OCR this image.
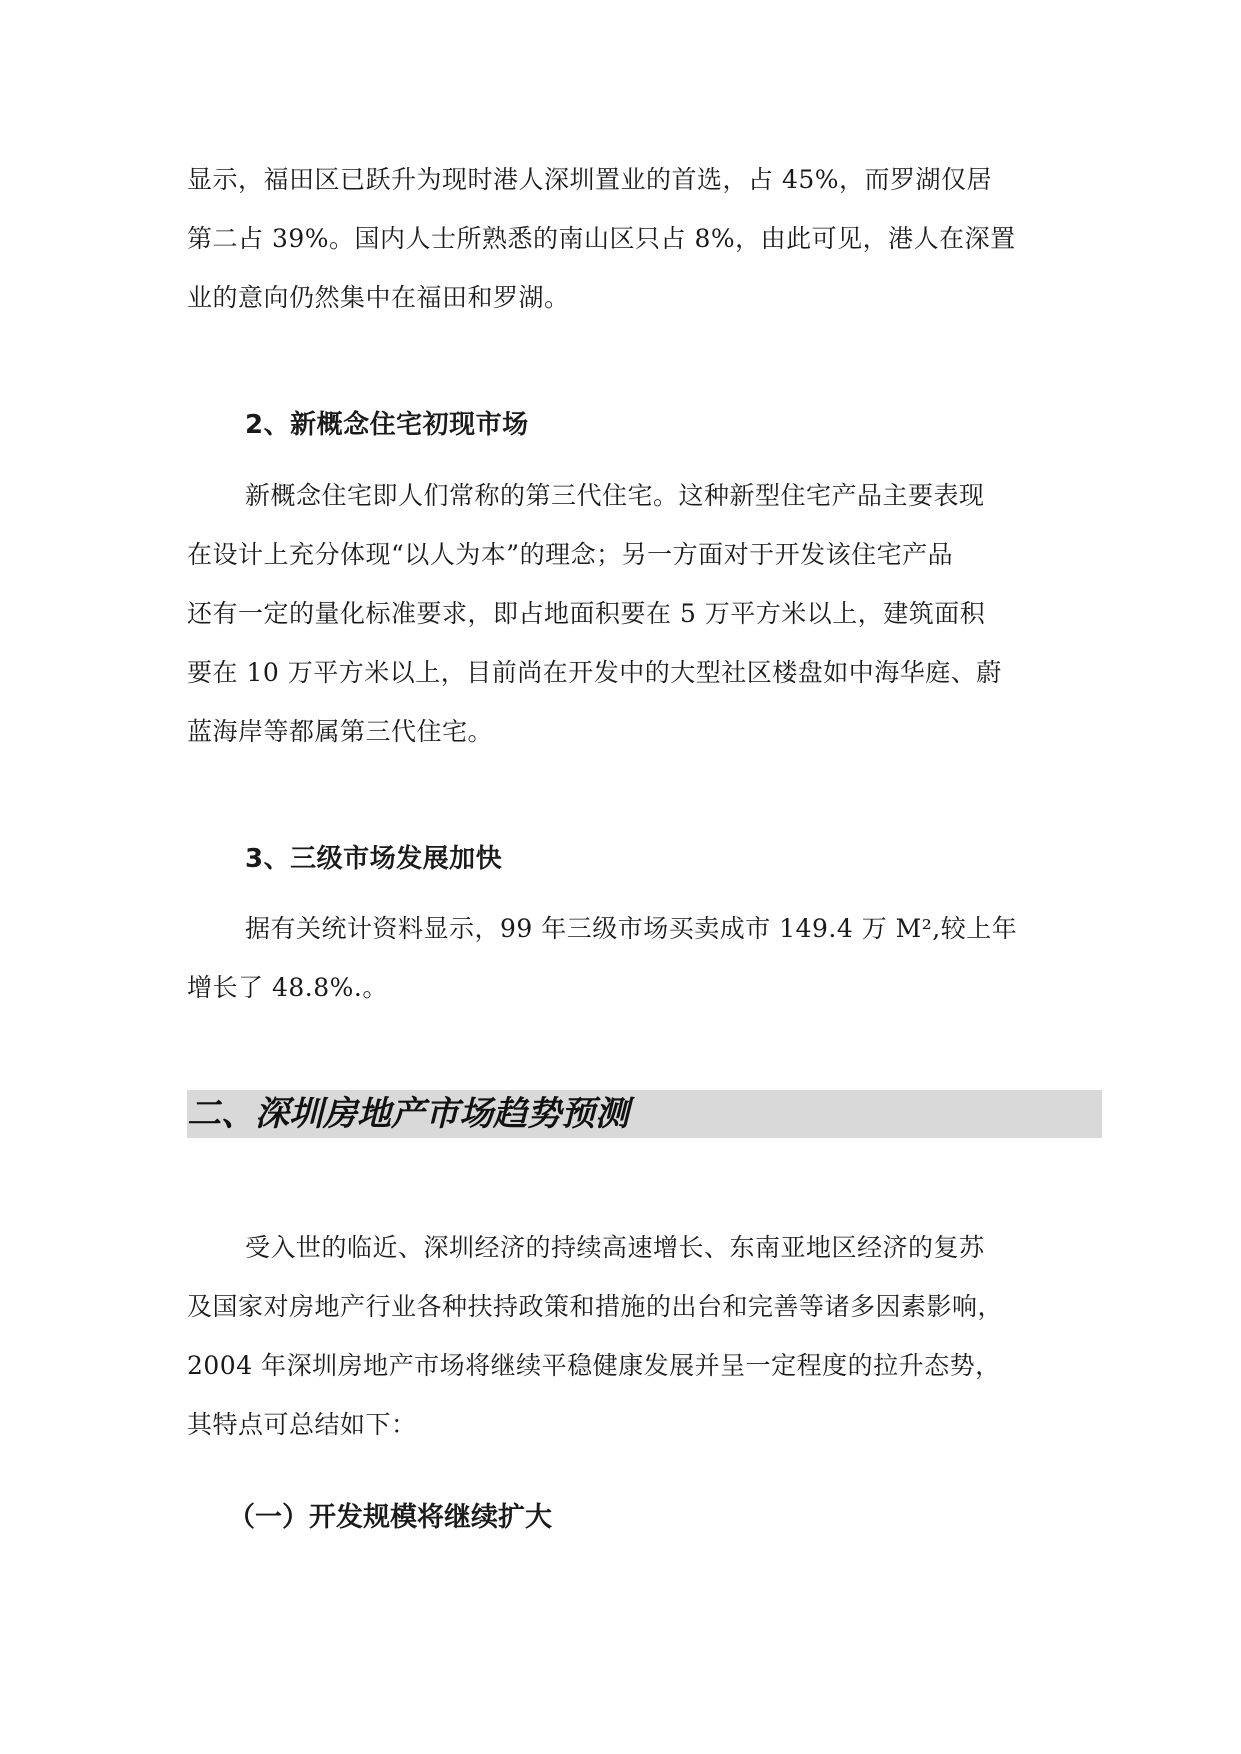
显示，福田区已跃升为现时港人深圳置业的首选，占 45%，而罗湖仅居
第二占 39%。国内人士所熟悉的南山区只占 8%，由此可见，港人在深置
业的意向仍然集中在福田和罗湖。

2、新概念住宅初现市场

新概念住宅即人们常称的第三代住宅。这种新型住宅产品主要表现
在设计上充分体现“以人为本”的理念；另一方面对于开发该住宅产品
还有一定的量化标准要求，即占地面积要在 5 万平方米以上，建筑面积
要在 10 万平方米以上，目前尚在开发中的大型社区楼盘如中海华庭、蔚
蓝海岸等都属第三代住宅。

3、三级市场发展加快

据有关统计资料显示，99 年三级市场买卖成市 149.4 万 M²,较上年
增长了 48.8%.。

二、深圳房地产市场趋势预测

受入世的临近、深圳经济的持续高速增长、东南亚地区经济的复苏
及国家对房地产行业各种扶持政策和措施的出台和完善等诸多因素影响，
2004 年深圳房地产市场将继续平稳健康发展并呈一定程度的拉升态势，
其特点可总结如下：

（一）开发规模将继续扩大
